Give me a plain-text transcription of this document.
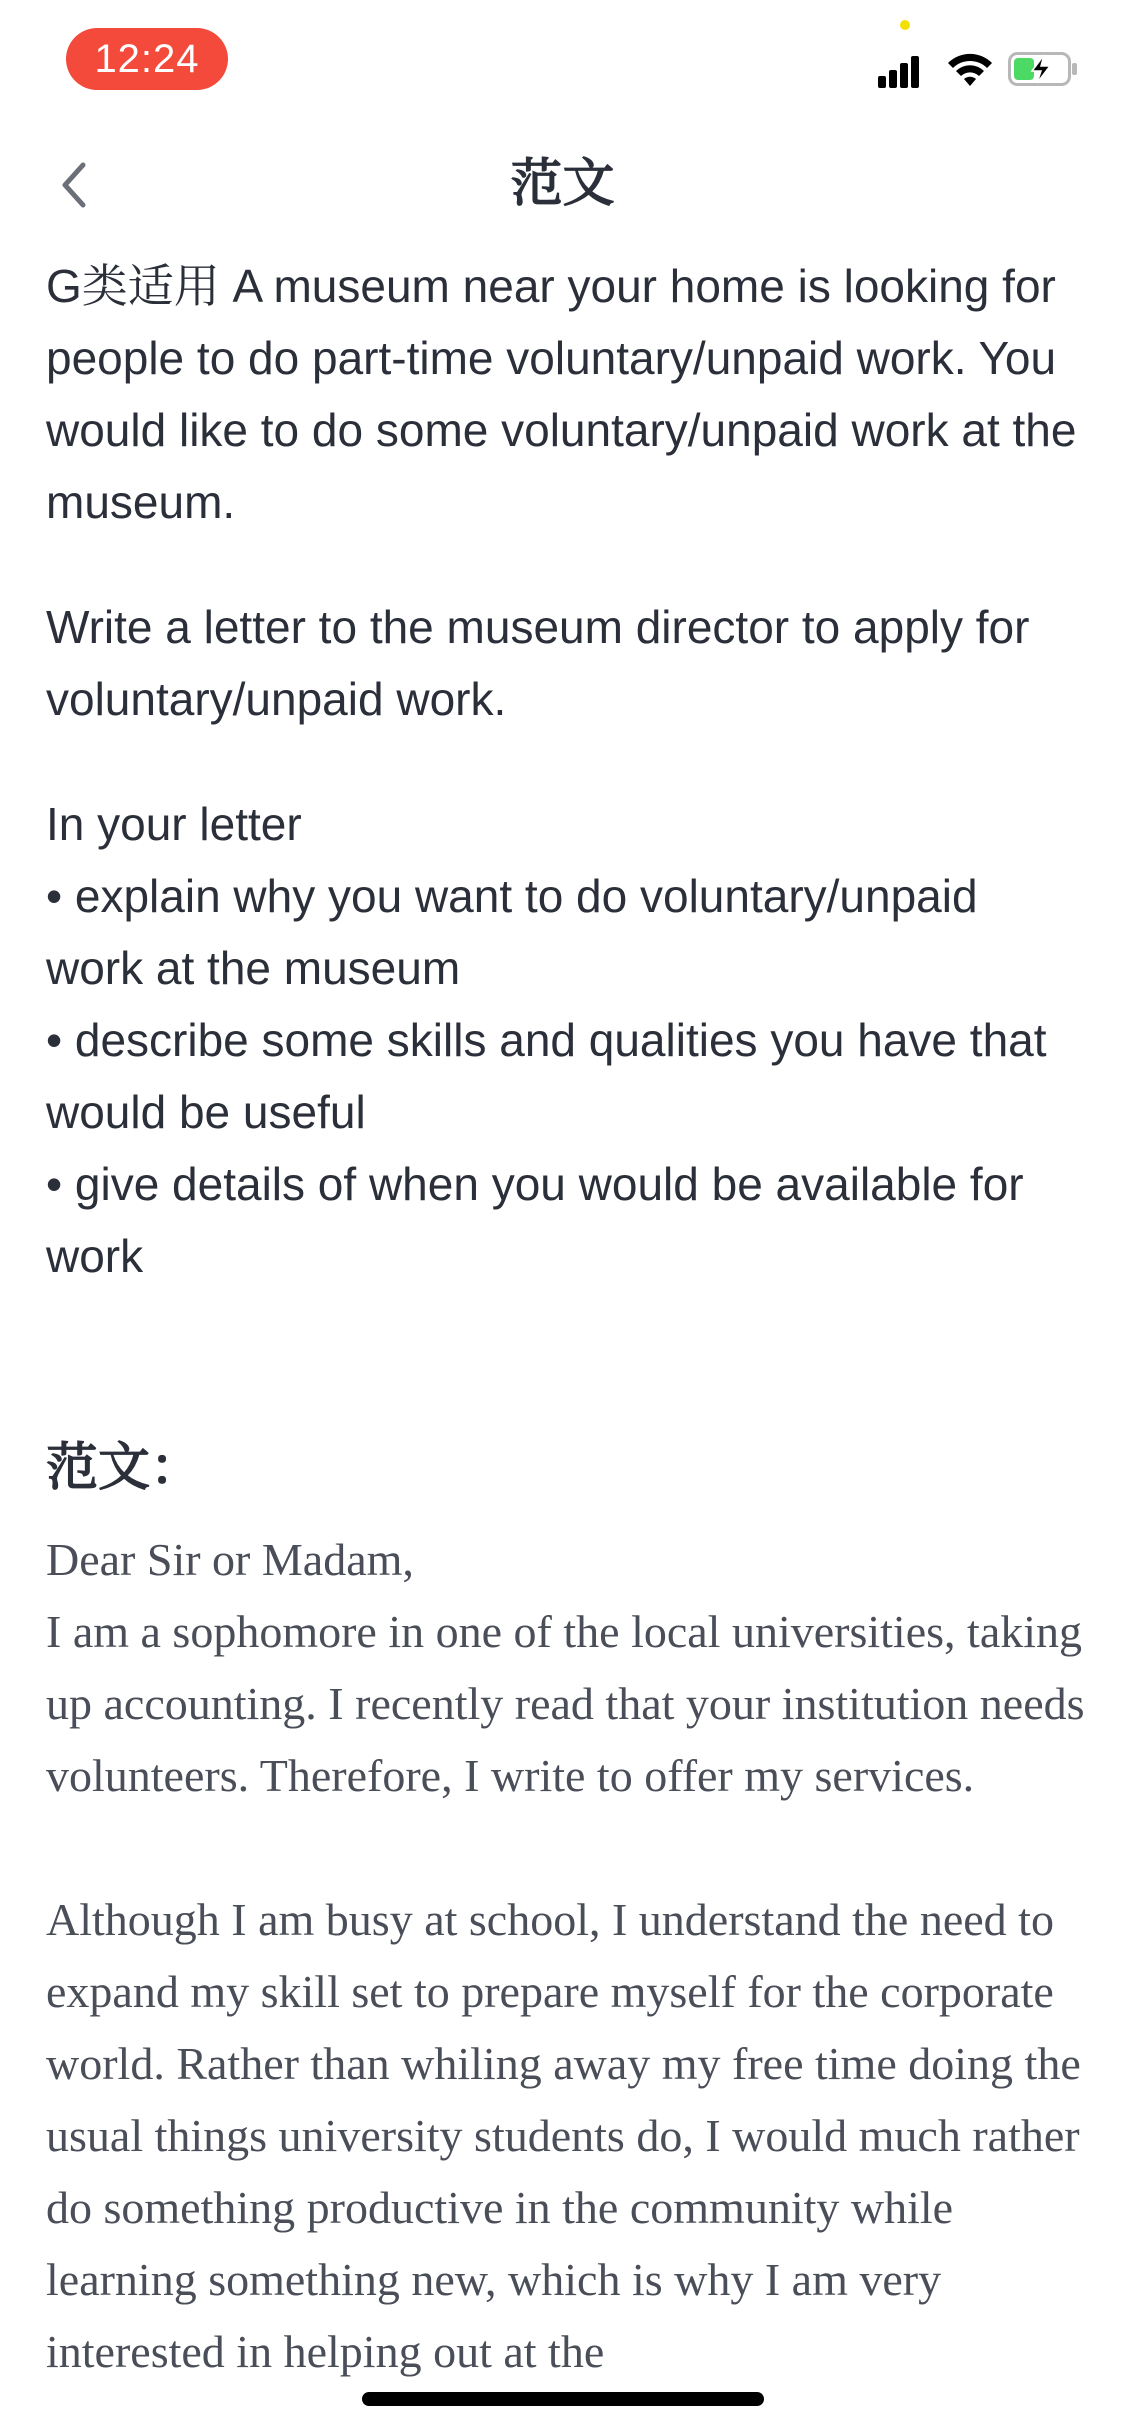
12:24
范文

G类适用 A museum near your home is looking for people to do part-time voluntary/unpaid work. You would like to do some voluntary/unpaid work at the museum.

Write a letter to the museum director to apply for voluntary/unpaid work.

In your letter

• explain why you want to do voluntary/unpaid work at the museum

• describe some skills and qualities you have that would be useful

• give details of when you would be available for work

范文：

Dear Sir or Madam,

I am a sophomore in one of the local universities, taking up accounting. I recently read that your institution needs volunteers. Therefore, I write to offer my services.

Although I am busy at school, I understand the need to expand my skill set to prepare myself for the corporate world. Rather than whiling away my free time doing the usual things university students do, I would much rather do something productive in the community while learning something new, which is why I am very interested in helping out at the
